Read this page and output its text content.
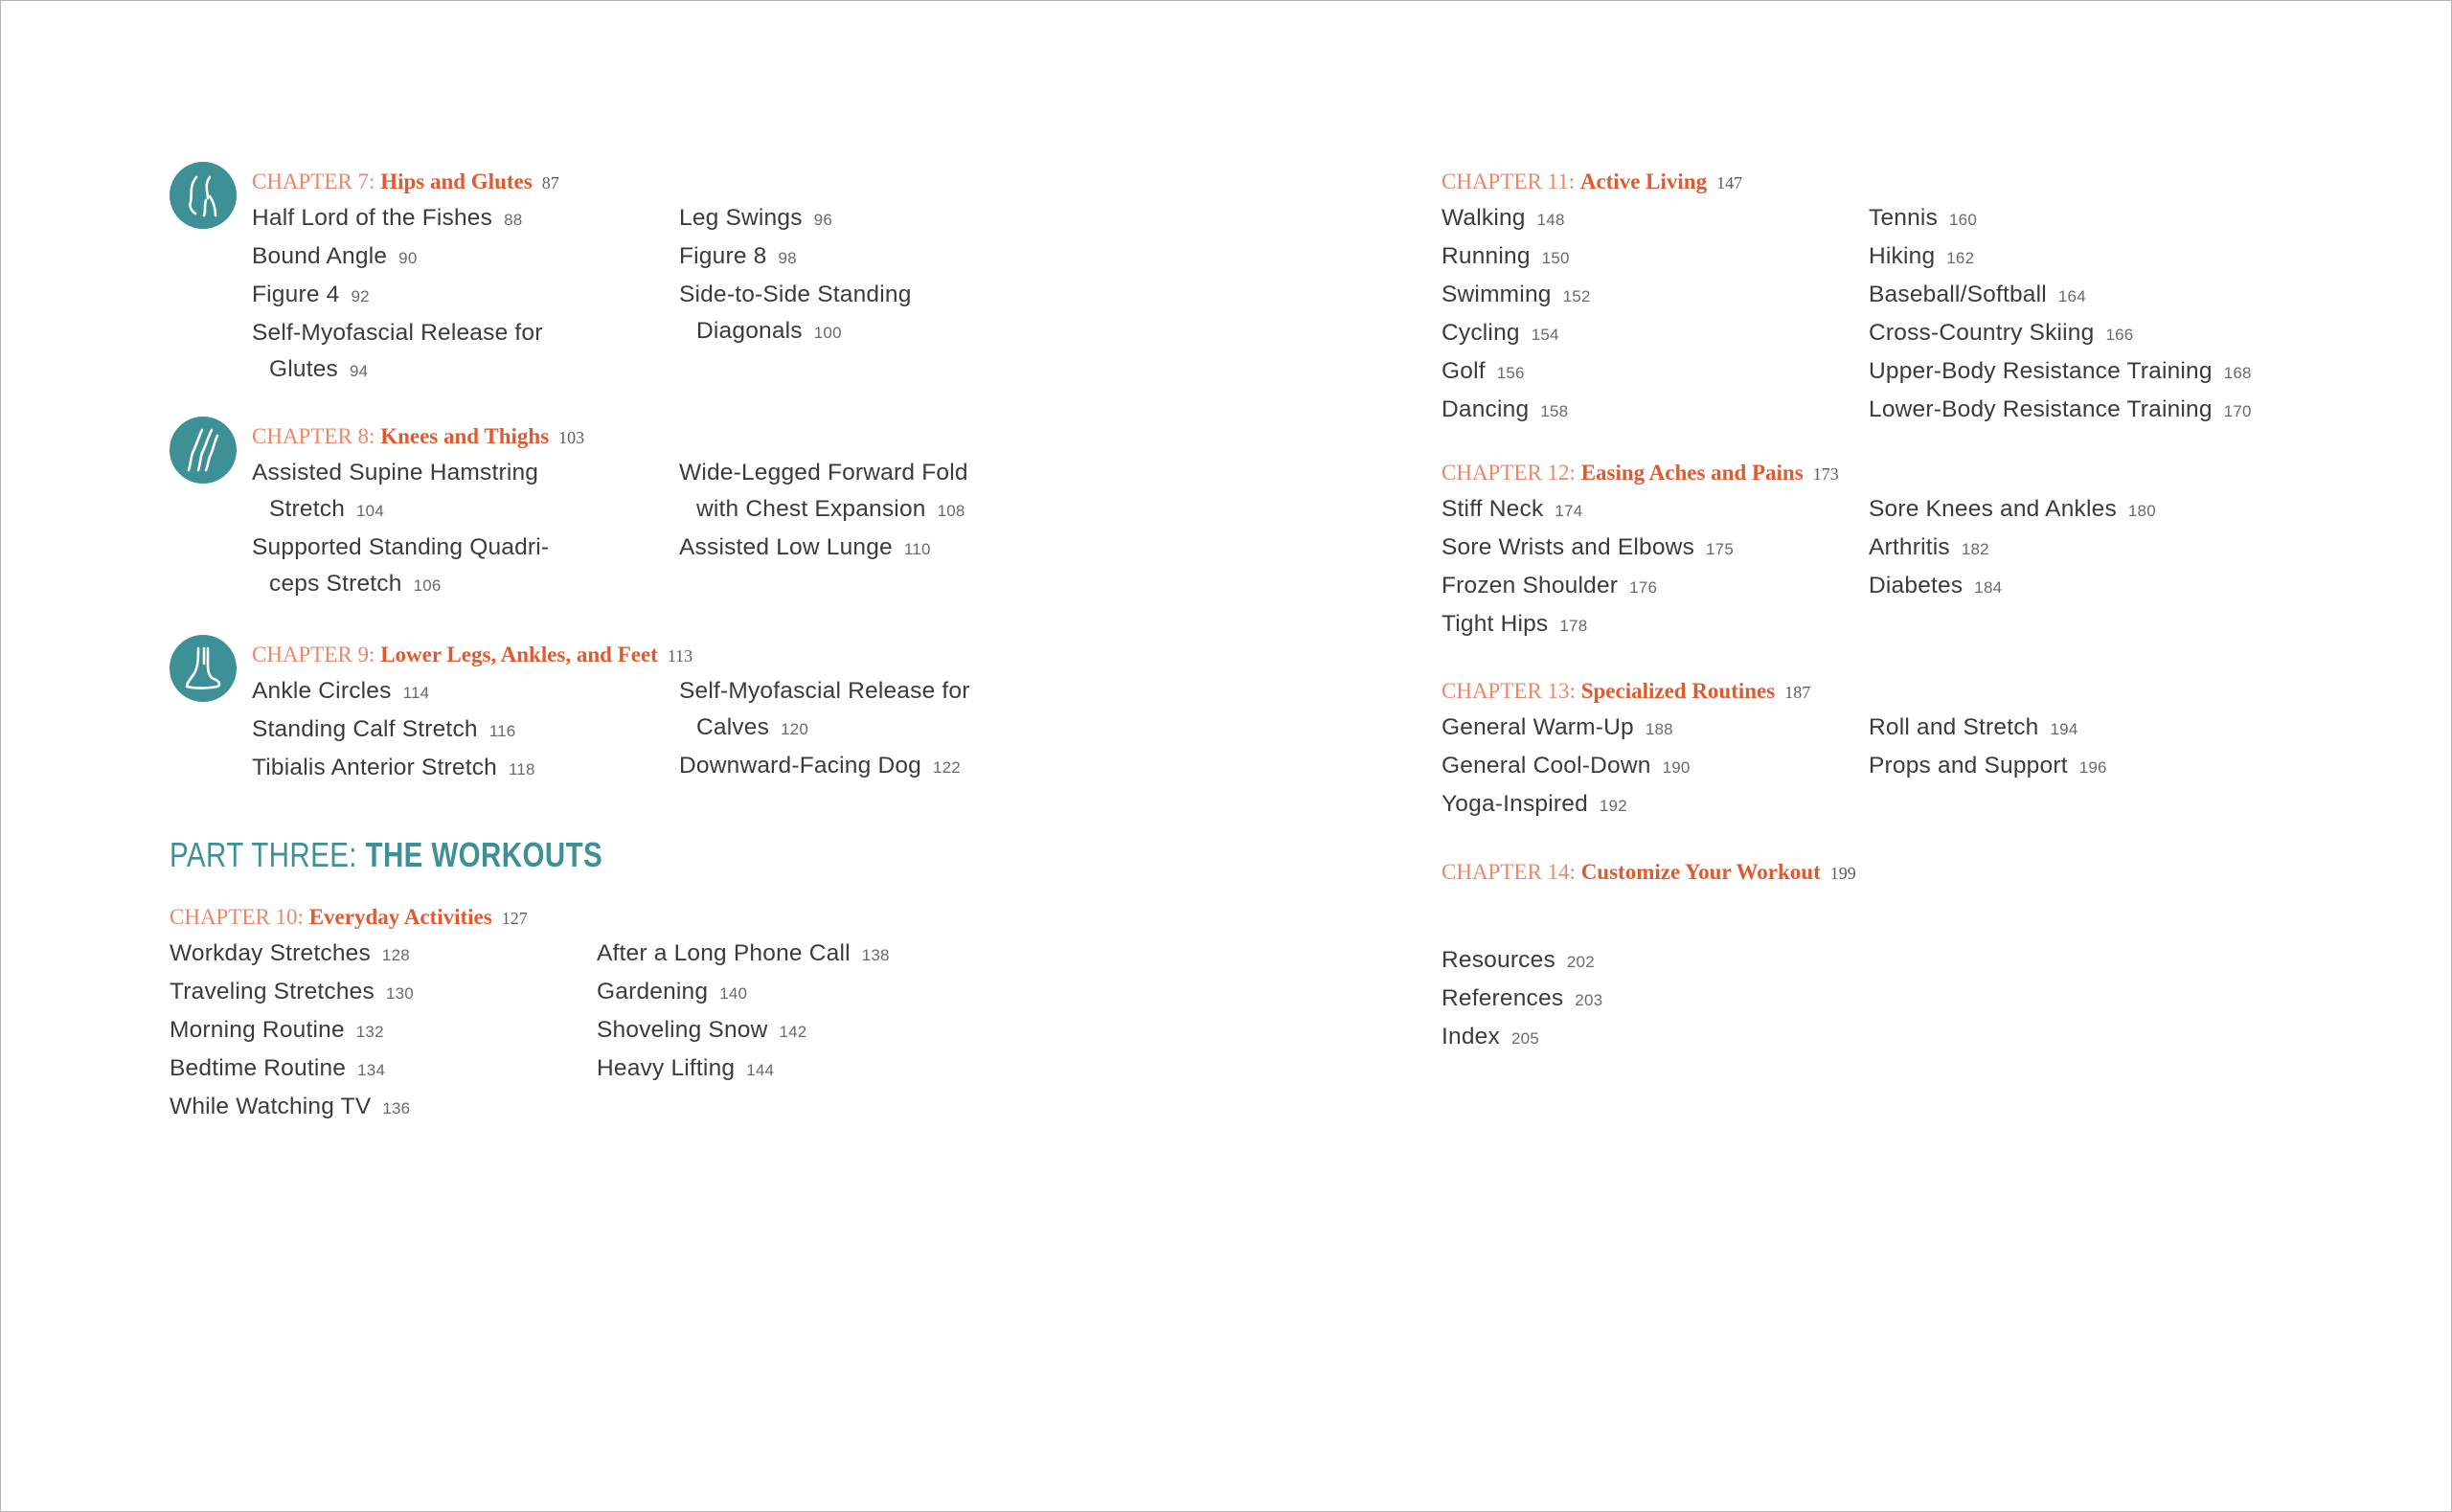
CHAPTER 7: Hips and Glutes 87
Half Lord of the Fishes 88
Bound Angle 90
Figure 4 92
Self-Myofascial Release for
Glutes 94
Leg Swings 96
Figure 8 98
Side-to-Side Standing
Diagonals 100
CHAPTER 8: Knees and Thighs 103
Assisted Supine Hamstring
Stretch 104
Supported Standing Quadri-
ceps Stretch 106
Wide-Legged Forward Fold
with Chest Expansion 108
Assisted Low Lunge 110
CHAPTER 9: Lower Legs, Ankles, and Feet 113
Ankle Circles 114
Standing Calf Stretch 116
Tibialis Anterior Stretch 118
Self-Myofascial Release for
Calves 120
Downward-Facing Dog 122
PART THREE: THE WORKOUTS
CHAPTER 10: Everyday Activities 127
Workday Stretches 128
Traveling Stretches 130
Morning Routine 132
Bedtime Routine 134
While Watching TV 136
After a Long Phone Call 138
Gardening 140
Shoveling Snow 142
Heavy Lifting 144
CHAPTER 11: Active Living 147
Walking 148
Running 150
Swimming 152
Cycling 154
Golf 156
Dancing 158
Tennis 160
Hiking 162
Baseball/Softball 164
Cross-Country Skiing 166
Upper-Body Resistance Training 168
Lower-Body Resistance Training 170
CHAPTER 12: Easing Aches and Pains 173
Stiff Neck 174
Sore Wrists and Elbows 175
Frozen Shoulder 176
Tight Hips 178
Sore Knees and Ankles 180
Arthritis 182
Diabetes 184
CHAPTER 13: Specialized Routines 187
General Warm-Up 188
General Cool-Down 190
Yoga-Inspired 192
Roll and Stretch 194
Props and Support 196
CHAPTER 14: Customize Your Workout 199
Resources 202
References 203
Index 205
